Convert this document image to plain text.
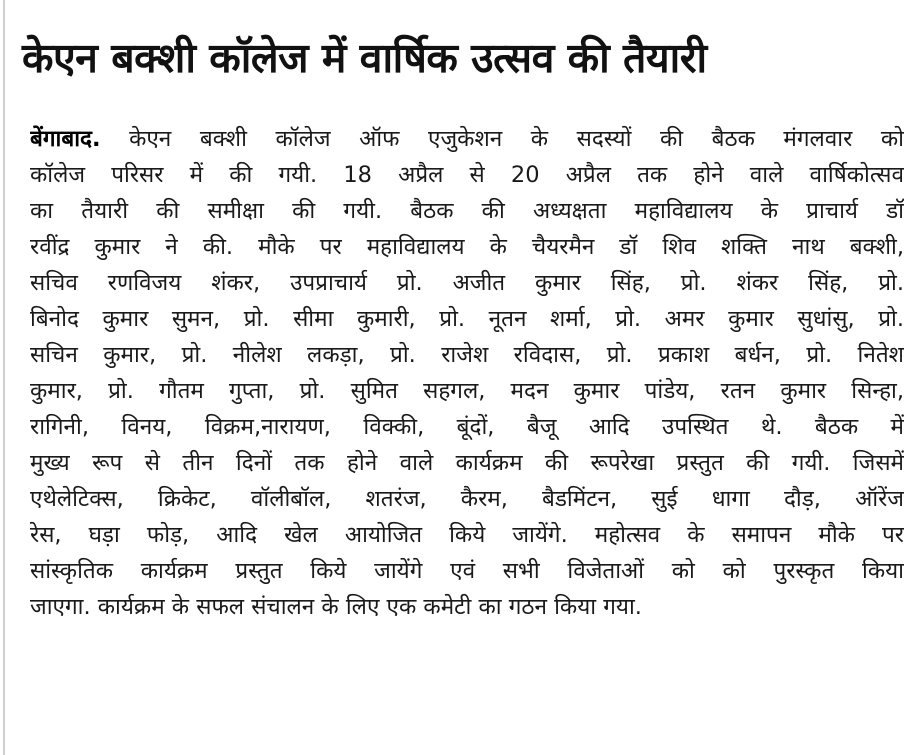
केएन बक्शी कॉलेज में वार्षिक उत्सव की तैयारी
बेंगाबाद. केएन बक्शी कॉलेज ऑफ एजुकेशन के सदस्यों की बैठक मंगलवार को
कॉलेज परिसर में की गयी. 18 अप्रैल से 20 अप्रैल तक होने वाले वार्षिकोत्सव
का तैयारी की समीक्षा की गयी. बैठक की अध्यक्षता महाविद्यालय के प्राचार्य डॉ
रवींद्र कुमार ने की. मौके पर महाविद्यालय के चैयरमैन डॉ शिव शक्ति नाथ बक्शी,
सचिव रणविजय शंकर, उपप्राचार्य प्रो. अजीत कुमार सिंह, प्रो. शंकर सिंह, प्रो.
बिनोद कुमार सुमन, प्रो. सीमा कुमारी, प्रो. नूतन शर्मा, प्रो. अमर कुमार सुधांसु, प्रो.
सचिन कुमार, प्रो. नीलेश लकड़ा, प्रो. राजेश रविदास, प्रो. प्रकाश बर्धन, प्रो. नितेश
कुमार, प्रो. गौतम गुप्ता, प्रो. सुमित सहगल, मदन कुमार पांडेय, रतन कुमार सिन्हा,
रागिनी, विनय, विक्रम,नारायण, विक्की, बूंदों, बैजू आदि उपस्थित थे. बैठक में
मुख्य रूप से तीन दिनों तक होने वाले कार्यक्रम की रूपरेखा प्रस्तुत की गयी. जिसमें
एथेलेटिक्स, क्रिकेट, वॉलीबॉल, शतरंज, कैरम, बैडमिंटन, सुई धागा दौड़, ऑरेंज
रेस, घड़ा फोड़, आदि खेल आयोजित किये जायेंगे. महोत्सव के समापन मौके पर
सांस्कृतिक कार्यक्रम प्रस्तुत किये जायेंगे एवं सभी विजेताओं को को पुरस्कृत किया
जाएगा. कार्यक्रम के सफल संचालन के लिए एक कमेटी का गठन किया गया.
